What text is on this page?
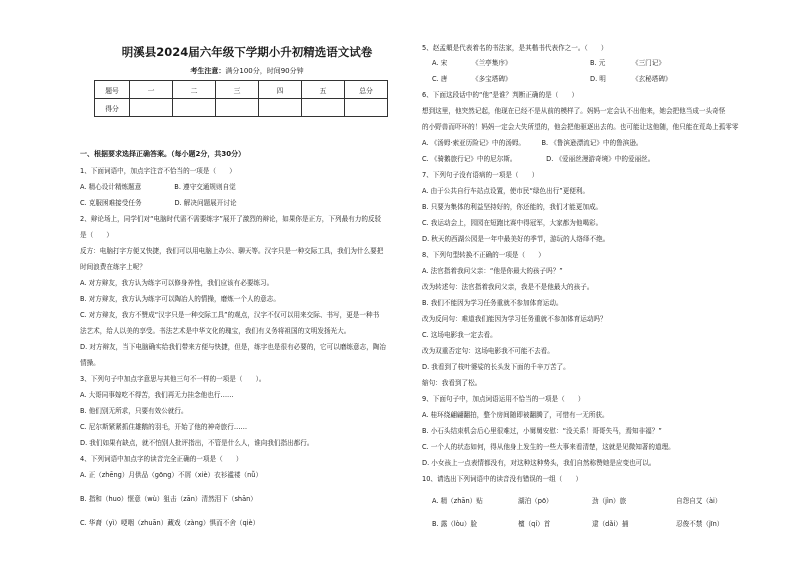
明溪县2024届六年级下学期小升初精选语文试卷
考生注意：满分100分，时间90分钟
题号	一	二	三	四	五	总分
得分						
一、根据要求选择正确答案。（每小题2分，共30分）
1、下面词语中，加点字注音不恰当的一项是（　　）
A. 精心设计精炼题意　　　　　B. 遵守交通规则自觉
C. 克服困难接受任务　　　　　D. 解决问题展开讨论
2、辩论场上，同学们对“电脑时代需不需要练字”展开了激烈的辩论，如果你是正方，下列最有力的反驳
是（　　）
反方：电脑打字方便又快捷，我们可以用电脑上办公、聊天等。汉字只是一种交际工具，我们为什么要把
时间浪费在练字上呢？
A. 对方辩友，我方认为练字可以修身养性，我们应该有必要练习。
B. 对方辩友，我方认为练字可以陶冶人的情操，磨炼一个人的意志。
C. 对方辩友，我方不赞成“汉字只是一种交际工具”的观点，汉字不仅可以用来交际、书写，更是一种书
法艺术，给人以美的享受。书法艺术是中华文化的瑰宝，我们有义务将祖国的文明发扬光大。
D. 对方辩友，当下电脑确实给我们带来方便与快捷，但是，练字也是很有必要的，它可以磨练意志，陶冶
情操。
3、下列句子中加点字意思与其他三句不一样的一项是（　　）。
A. 大哥同事嫁吃不得苦，我们再无力挂念他也行……
B. 他们别无所求，只要有效公就行。
C. 尼尔斯紧紧抓住雄鹅的羽毛，开始了他的神奇旅行……
D. 我们如果有缺点，就不怕别人批评指出，不管是什么人，谁向我们指出都行。
4、下列词语中加点字的读音完全正确的一项是（　　）
A. 正（zhēng）月供品（gōng）不屑（xiè）衣衫褴褛（nǚ）
B. 指和（huo）惬意（wù）狙击（zān）清然泪下（shān）
C. 华裔（yì）哽咽（zhuān）藏戏（zàng）惧而不舍（qiè）
5、赵孟頫是代表着名的书法家，是其楷书代表作之一。（　　）
A. 宋	《兰亭集序》	B. 元	《三门记》
C. 唐	《多宝塔碑》	D. 明	《玄秘塔碑》
6、下面这段话中的“他”是谁？判断正确的是（　　）
想到这里，他突然记起，他现在已经不是从前的模样了。妈妈一定会认不出他来，她会把他当成一头奇怪
的小野兽而吓坏的！妈妈一定会大失所望的，他会把他驱逐出去的。也可能让这他随，他只能在荒岛上孤零零
A. 《汤姆·索亚历险记》中的汤姆。　　　B. 《鲁滨逊漂流记》中的鲁滨逊。
C. 《骑鹅旅行记》中的尼尔斯。　　　　　D. 《爱丽丝漫游奇境》中的爱丽丝。
7、下列句子没有语病的一项是（　　）
A. 由于公共自行车站点设置，使市民“绿色出行”更便利。
B. 只要为集体的利益坚持好的，你还能的，我们才能更加成。
C. 我运动会上，园园在短跑比赛中得冠军，大家都为他喝彩。
D. 秋天的西湖公园是一年中最美好的季节，游玩的人络绎不绝。
8、下列句型转换不正确的一项是（　　）
A. 法官指着我问父亲：“他是你最大的孩子吗？”
改为转述句：法官指着我问父亲，我是不是他最大的孩子。
B. 我们不能因为学习任务重就不参加体育运动。
改为反问句：难道我们能因为学习任务重就不参加体育运动吗？
C. 这场电影我一定去看。
改为双重否定句：这场电影我不可能不去看。
D. 我看到了枝叶婆娑的长头发下面的千辛万苦了。
缩句：我看到了松。
9、下面句子中，加点词语运用不恰当的一项是（　　）
A. 桂环绕翩翩翻拍，整个房间随即被翻腾了，可惜有一无所获。
B. 小石头结束机会后心里很难过，小舅舅安慰：“没关系！哥哥失马，焉知非福？”
C. 一个人的状态如何，得从他身上发生的一些大事来看清楚，这就是见微知著的道理。
D. 小女孩上一点表情都没有，对这种这种势头，我们自然称赞她是应变也可以。
10、请选出下列词语中的读音没有错误的一组（　　）
A. 精（zhān）贴	湖泊（pō）	劲（jìn）旅	自怨自艾（ài）
B. 露（lòu）脸	檀（qí）首	逮（dǎi）捕	忍俊不禁（jīn）
